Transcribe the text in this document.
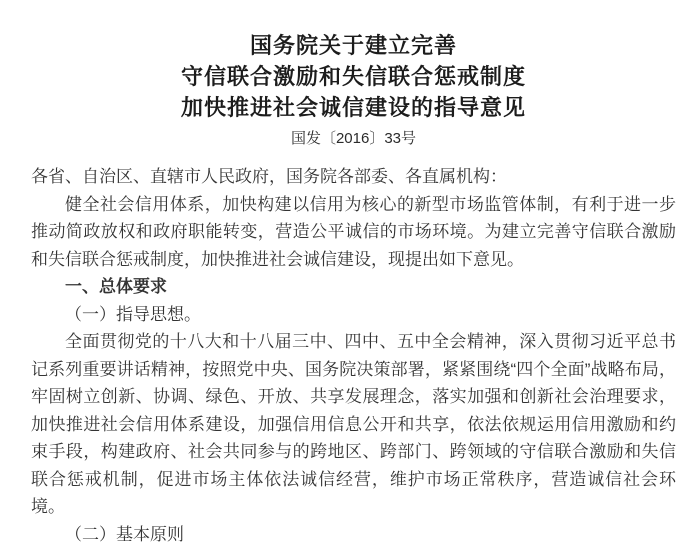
国务院关于建立完善
守信联合激励和失信联合惩戒制度
加快推进社会诚信建设的指导意见
国发〔2016〕33号

各省、自治区、直辖市人民政府，国务院各部委、各直属机构：

健全社会信用体系，加快构建以信用为核心的新型市场监管体制，有利于进一步推动简政放权和政府职能转变，营造公平诚信的市场环境。为建立完善守信联合激励和失信联合惩戒制度，加快推进社会诚信建设，现提出如下意见。

一、总体要求

（一）指导思想。

全面贯彻党的十八大和十八届三中、四中、五中全会精神，深入贯彻习近平总书记系列重要讲话精神，按照党中央、国务院决策部署，紧紧围绕“四个全面”战略布局，牢固树立创新、协调、绿色、开放、共享发展理念，落实加强和创新社会治理要求，加快推进社会信用体系建设，加强信用信息公开和共享，依法依规运用信用激励和约束手段，构建政府、社会共同参与的跨地区、跨部门、跨领域的守信联合激励和失信联合惩戒机制，促进市场主体依法诚信经营，维护市场正常秩序，营造诚信社会环境。

（二）基本原则
